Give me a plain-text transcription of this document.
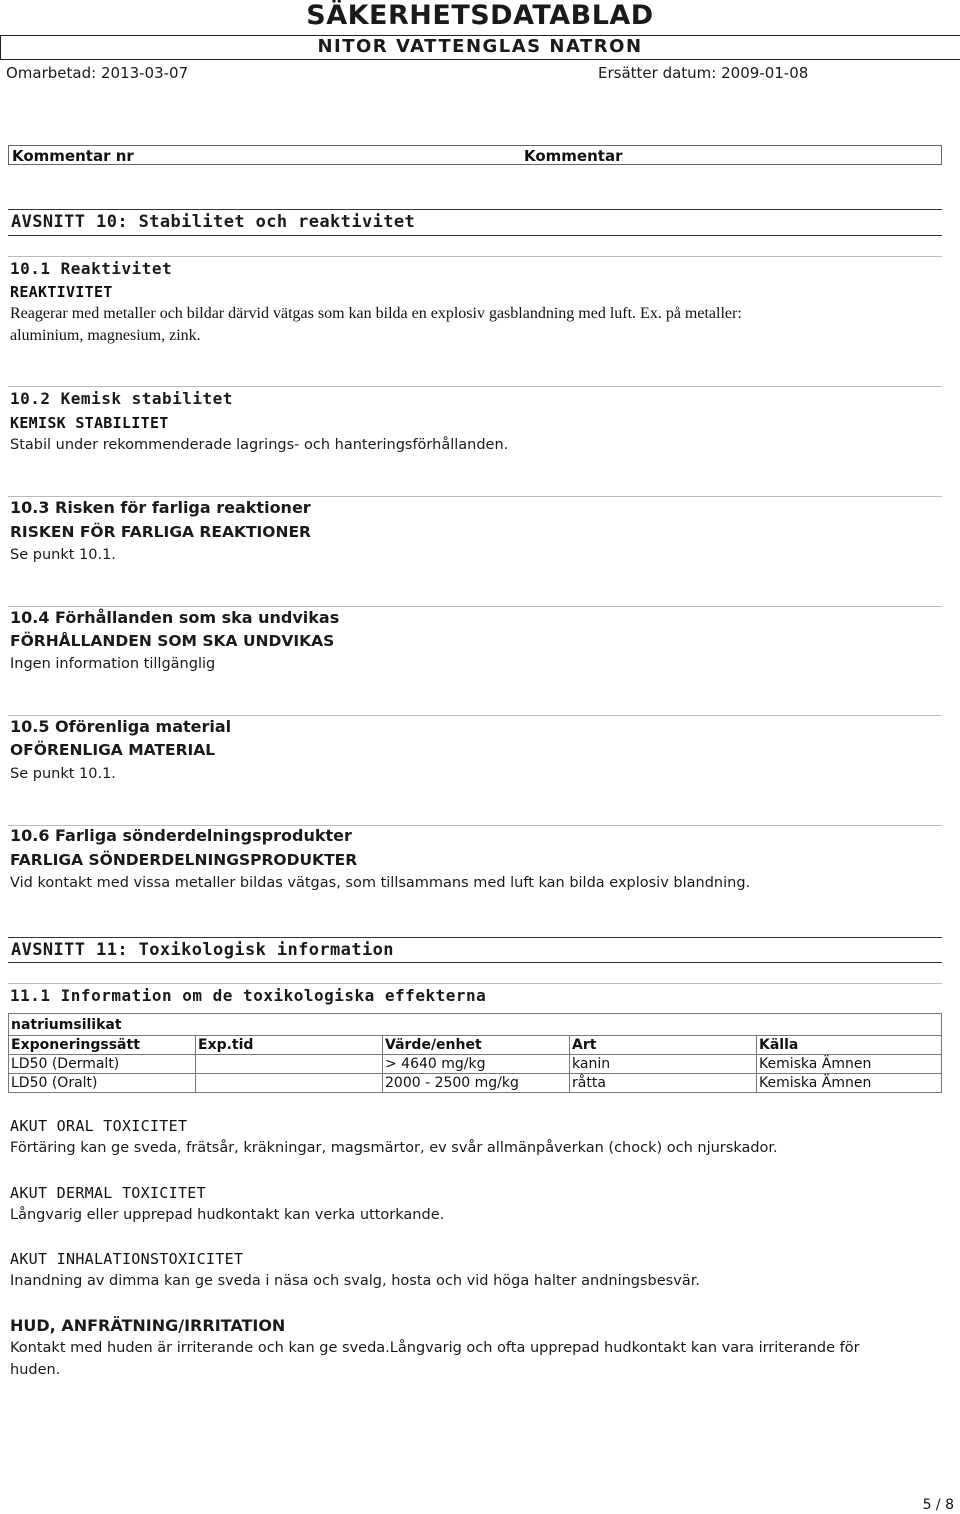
SÄKERHETSDATABLAD
NITOR VATTENGLAS NATRON
Omarbetad: 2013-03-07	Ersätter datum: 2009-01-08
Kommentar nr	Kommentar
AVSNITT 10: Stabilitet och reaktivitet
10.1 Reaktivitet
REAKTIVITET
Reagerar med metaller och bildar därvid vätgas som kan bilda en explosiv gasblandning med luft. Ex. på metaller:
aluminium, magnesium, zink.
10.2 Kemisk stabilitet
KEMISK STABILITET
Stabil under rekommenderade lagrings- och hanteringsförhållanden.
10.3 Risken för farliga reaktioner
RISKEN FÖR FARLIGA REAKTIONER
Se punkt 10.1.
10.4 Förhållanden som ska undvikas
FÖRHÅLLANDEN SOM SKA UNDVIKAS
Ingen information tillgänglig
10.5 Oförenliga material
OFÖRENLIGA MATERIAL
Se punkt 10.1.
10.6 Farliga sönderdelningsprodukter
FARLIGA SÖNDERDELNINGSPRODUKTER
Vid kontakt med vissa metaller bildas vätgas, som tillsammans med luft kan bilda explosiv blandning.
AVSNITT 11: Toxikologisk information
11.1 Information om de toxikologiska effekterna
natriumsilikat				
Exponeringssätt	Exp.tid	Värde/enhet	Art	Källa
LD50 (Dermalt)		> 4640 mg/kg	kanin	Kemiska Ämnen
LD50 (Oralt)		2000 - 2500 mg/kg	råtta	Kemiska Ämnen
AKUT ORAL TOXICITET
Förtäring kan ge sveda, frätsår, kräkningar, magsmärtor, ev svår allmänpåverkan (chock) och njurskador.
AKUT DERMAL TOXICITET
Långvarig eller upprepad hudkontakt kan verka uttorkande.
AKUT INHALATIONSTOXICITET
Inandning av dimma kan ge sveda i näsa och svalg, hosta och vid höga halter andningsbesvär.
HUD, ANFRÄTNING/IRRITATION
Kontakt med huden är irriterande och kan ge sveda.Långvarig och ofta upprepad hudkontakt kan vara irriterande för
huden.
5 / 8
